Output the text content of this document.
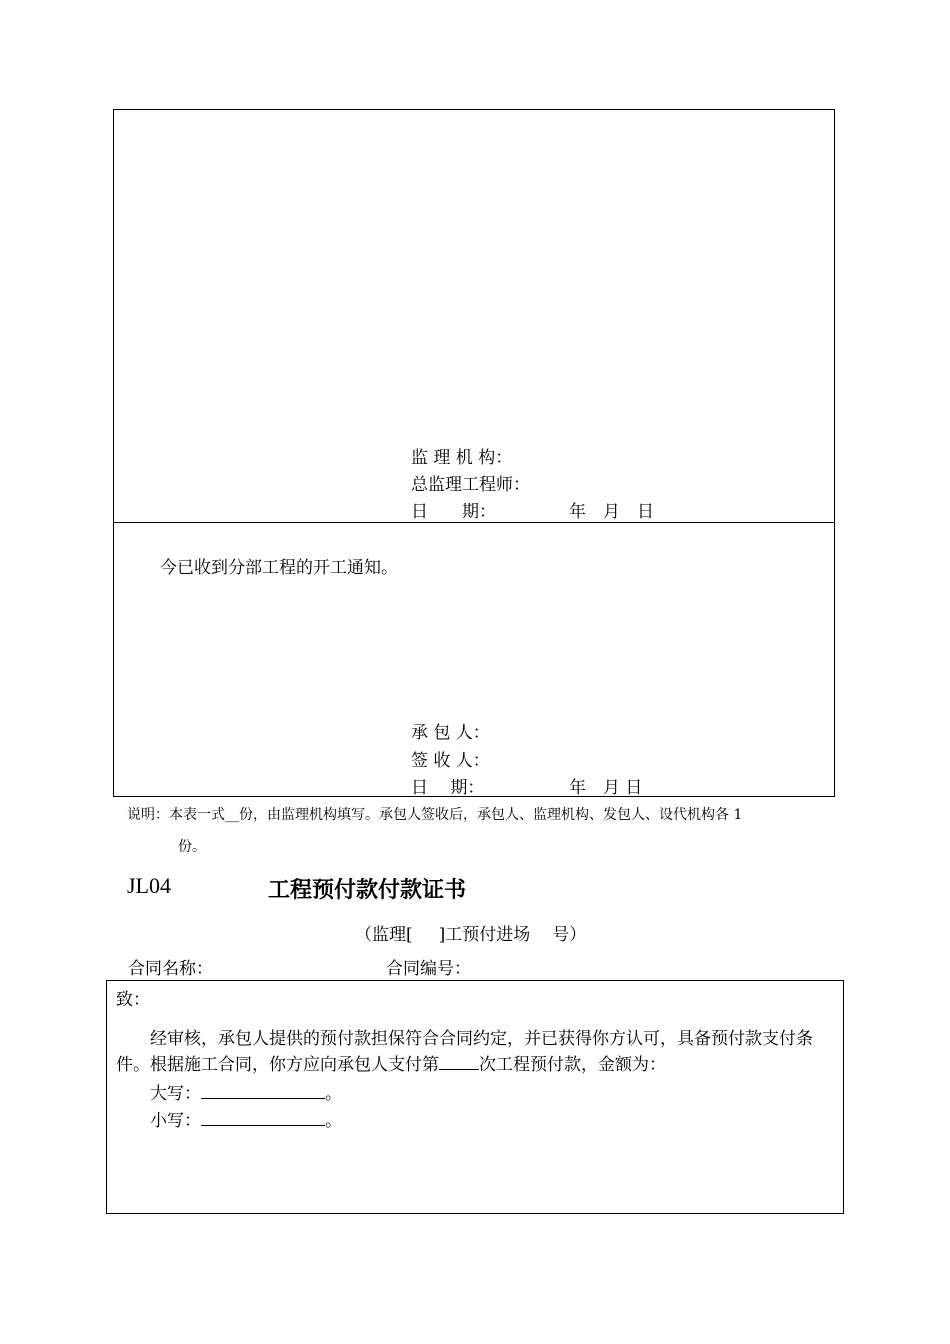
监 理 机 构：
总监理工程师：
日　　期：	年　月　日
今已收到分部工程的开工通知。
承 包 人：
签 收 人：
日　 期：	年　月 日
说明：本表一式__份，由监理机构填写。承包人签收后，承包人、监理机构、发包人、设代机构各 1
份。
JL04	工程预付款付款证书
（监理[ ]工预付进场 号）
合同名称：	合同编号：
致：
经审核，承包人提供的预付款担保符合合同约定，并已获得你方认可，具备预付款支付条件。根据施工合同，你方应向承包人支付第 次工程预付款，金额为：
大写：	。
小写：	。
